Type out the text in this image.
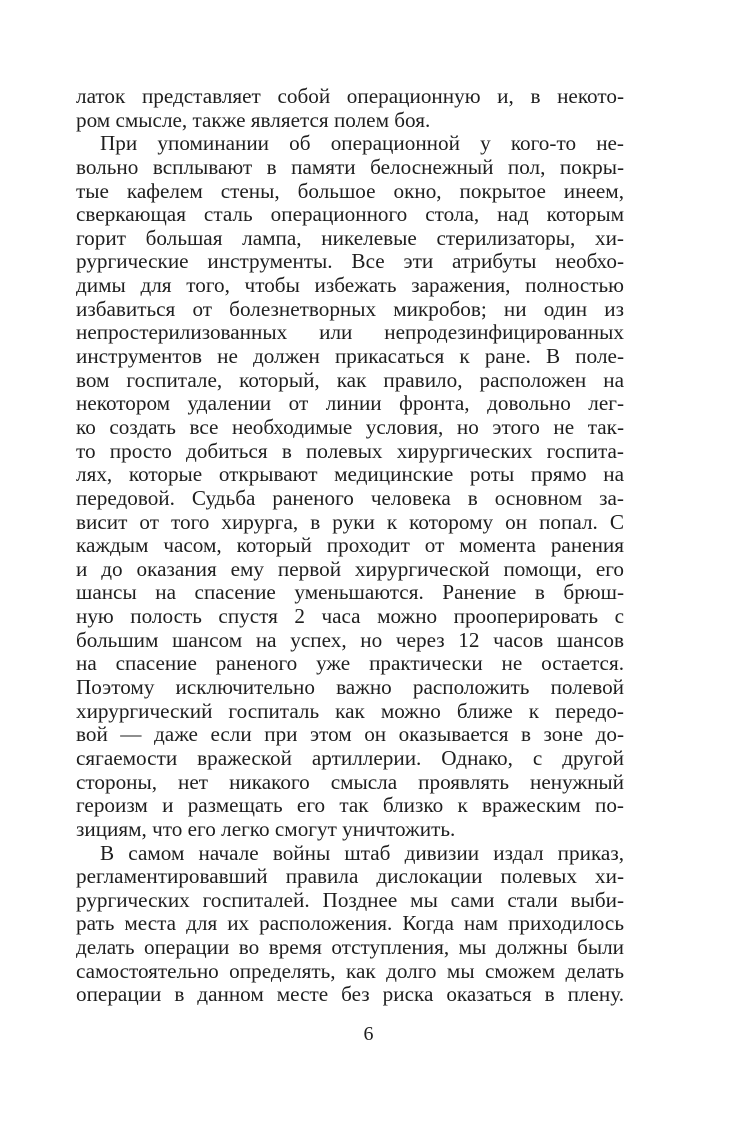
латок представляет собой операционную и, в некото-
ром смысле, также является полем боя.
При упоминании об операционной у кого-то не-
вольно всплывают в памяти белоснежный пол, покры-
тые кафелем стены, большое окно, покрытое инеем,
сверкающая сталь операционного стола, над которым
горит большая лампа, никелевые стерилизаторы, хи-
рургические инструменты. Все эти атрибуты необхо-
димы для того, чтобы избежать заражения, полностью
избавиться от болезнетворных микробов; ни один из
непростерилизованных или непродезинфицированных
инструментов не должен прикасаться к ране. В поле-
вом госпитале, который, как правило, расположен на
некотором удалении от линии фронта, довольно лег-
ко создать все необходимые условия, но этого не так-
то просто добиться в полевых хирургических госпита-
лях, которые открывают медицинские роты прямо на
передовой. Судьба раненого человека в основном за-
висит от того хирурга, в руки к которому он попал. С
каждым часом, который проходит от момента ранения
и до оказания ему первой хирургической помощи, его
шансы на спасение уменьшаются. Ранение в брюш-
ную полость спустя 2 часа можно прооперировать с
большим шансом на успех, но через 12 часов шансов
на спасение раненого уже практически не остается.
Поэтому исключительно важно расположить полевой
хирургический госпиталь как можно ближе к передо-
вой — даже если при этом он оказывается в зоне до-
сягаемости вражеской артиллерии. Однако, с другой
стороны, нет никакого смысла проявлять ненужный
героизм и размещать его так близко к вражеским по-
зициям, что его легко смогут уничтожить.
В самом начале войны штаб дивизии издал приказ,
регламентировавший правила дислокации полевых хи-
рургических госпиталей. Позднее мы сами стали выби-
рать места для их расположения. Когда нам приходилось
делать операции во время отступления, мы должны были
самостоятельно определять, как долго мы сможем делать
операции в данном месте без риска оказаться в плену.
6
